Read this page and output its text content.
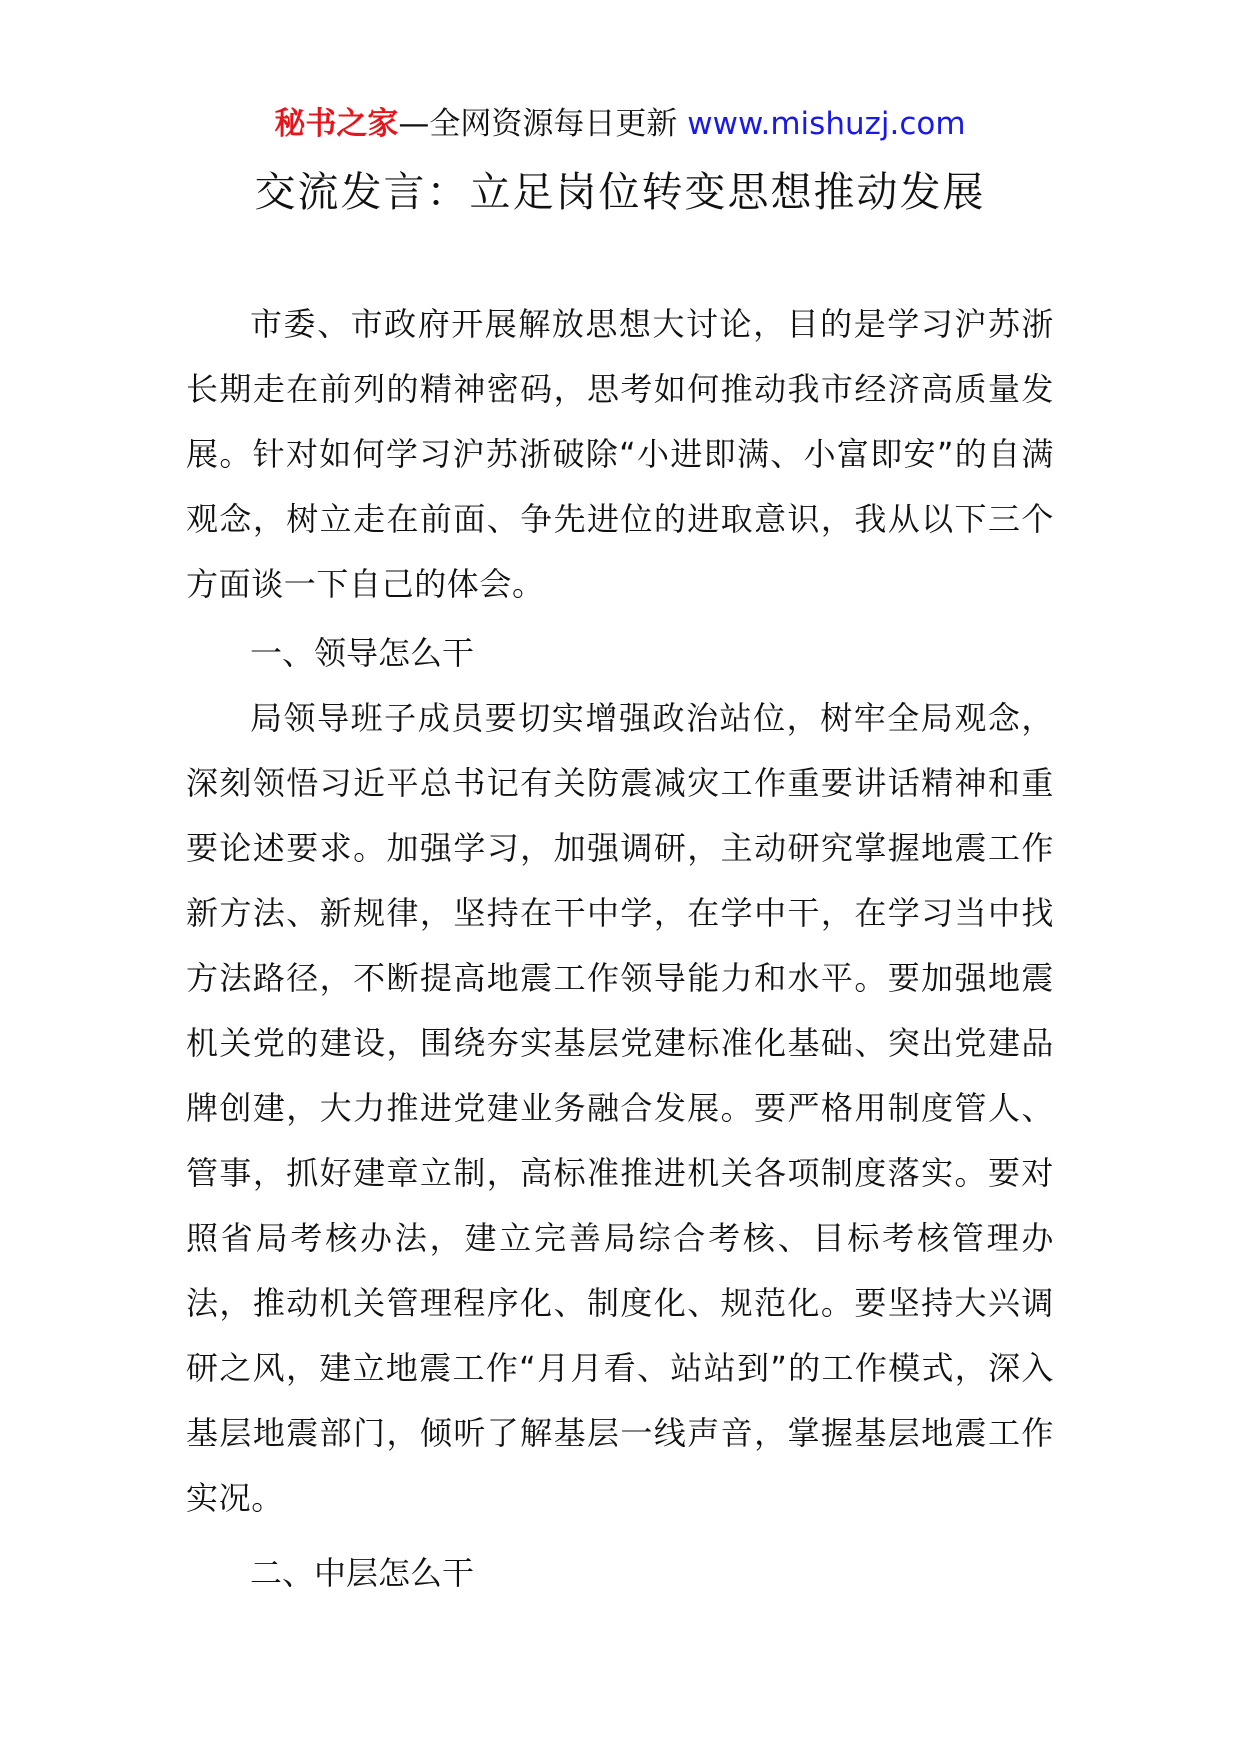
秘书之家—全网资源每日更新 www.mishuzj.com
交流发言：立足岗位转变思想推动发展

市委、市政府开展解放思想大讨论，目的是学习沪苏浙长期走在前列的精神密码，思考如何推动我市经济高质量发展。针对如何学习沪苏浙破除“小进即满、小富即安”的自满观念，树立走在前面、争先进位的进取意识，我从以下三个方面谈一下自己的体会。

一、领导怎么干

局领导班子成员要切实增强政治站位，树牢全局观念，深刻领悟习近平总书记有关防震减灾工作重要讲话精神和重要论述要求。加强学习，加强调研，主动研究掌握地震工作新方法、新规律，坚持在干中学，在学中干，在学习当中找方法路径，不断提高地震工作领导能力和水平。要加强地震机关党的建设，围绕夯实基层党建标准化基础、突出党建品牌创建，大力推进党建业务融合发展。要严格用制度管人、管事，抓好建章立制，高标准推进机关各项制度落实。要对照省局考核办法，建立完善局综合考核、目标考核管理办法，推动机关管理程序化、制度化、规范化。要坚持大兴调研之风，建立地震工作“月月看、站站到”的工作模式，深入基层地震部门，倾听了解基层一线声音，掌握基层地震工作实况。

二、中层怎么干
